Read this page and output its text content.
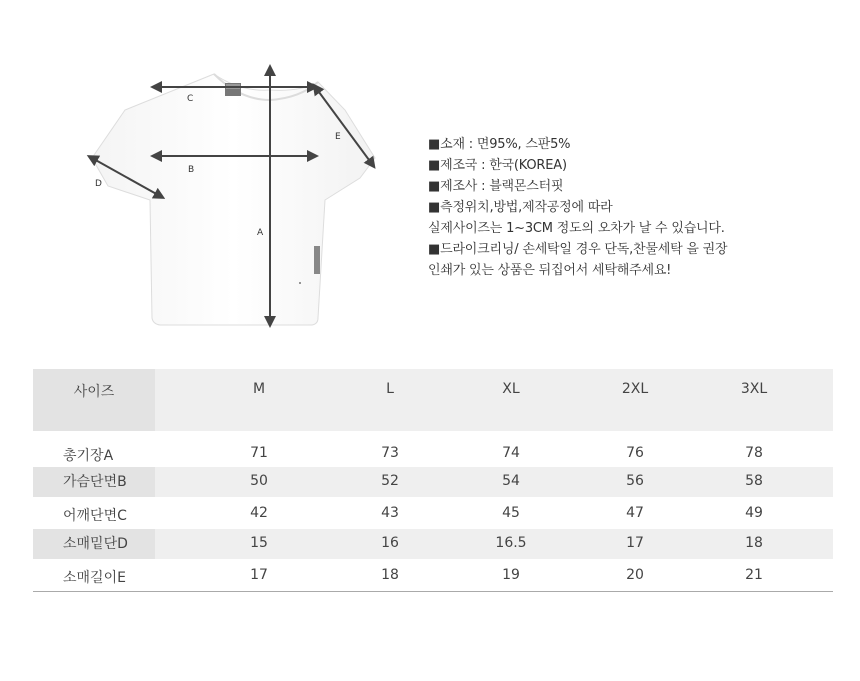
C
B
A
D
E	■소재 : 면95%, 스판5%
■제조국 : 한국(KOREA)
■제조사 : 블랙몬스터핏
■측정위치,방법,제작공정에 따라
실제사이즈는 1~3CM 정도의 오차가 날 수 있습니다.
■드라이크리닝/ 손세탁일 경우 단독,찬물세탁 을 권장
인쇄가 있는 상품은 뒤집어서 세탁해주세요!
사이즈	M	L	XL	2XL	3XL
총기장A	71	73	74	76	78
가슴단면B	50	52	54	56	58
어깨단면C	42	43	45	47	49
소매밑단D	15	16	16.5	17	18
소매길이E	17	18	19	20	21
